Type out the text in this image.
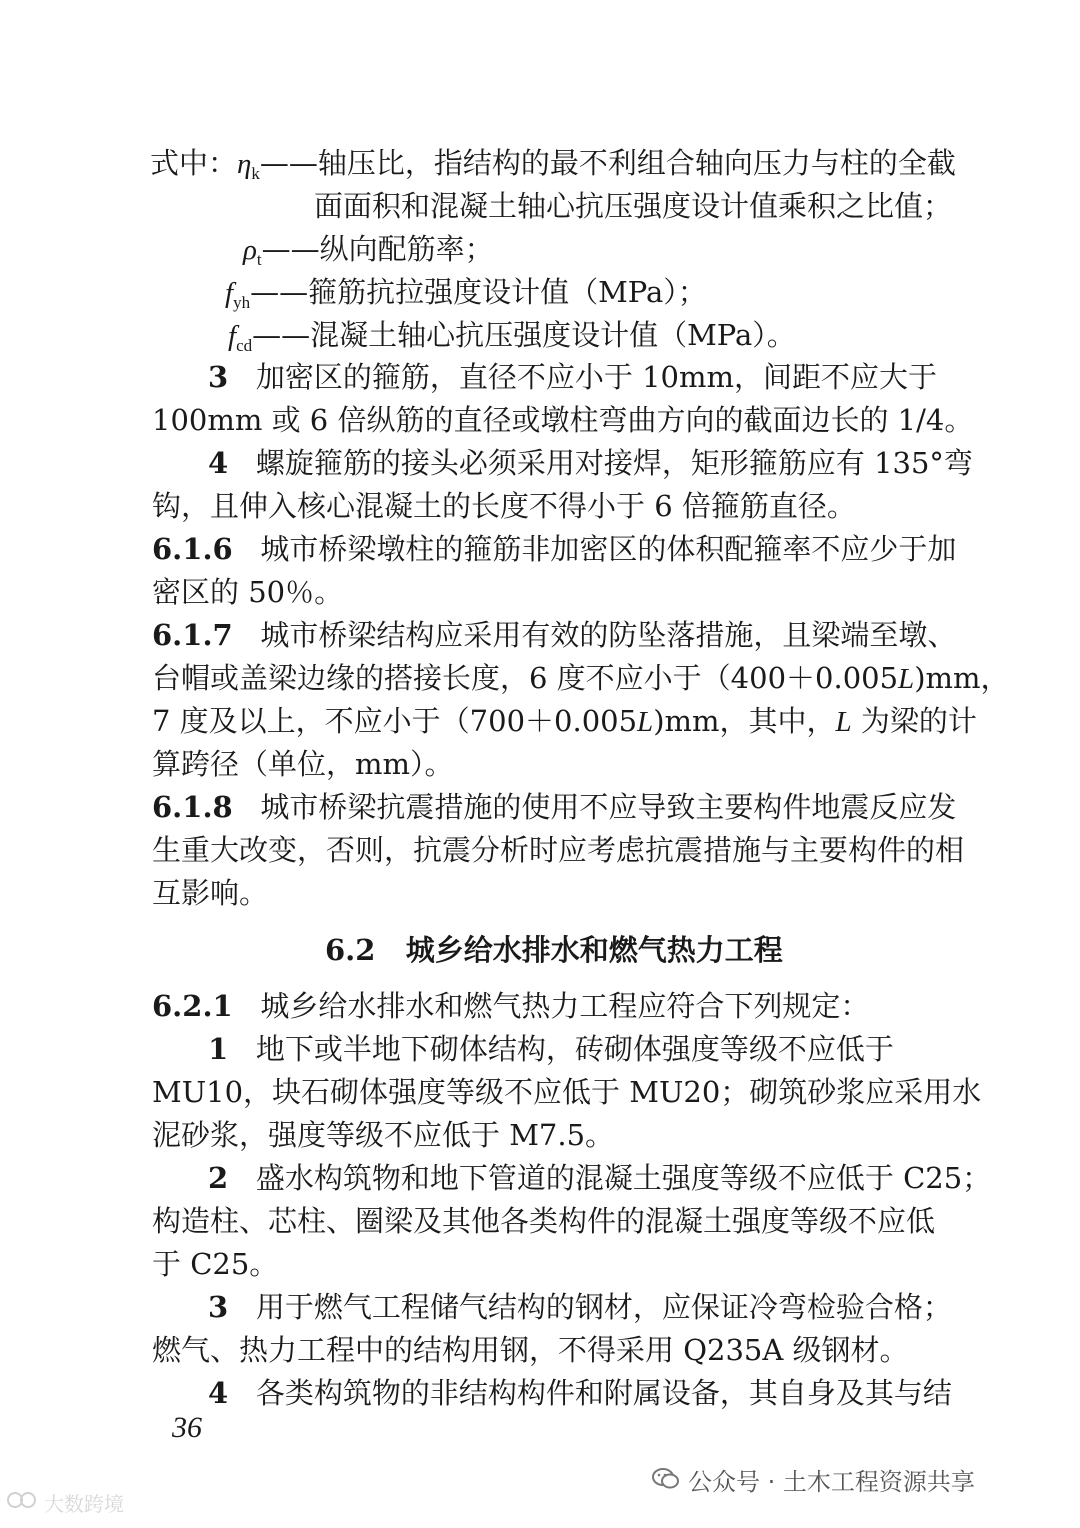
式中：$\eta_k——$轴压比，指结构的最不利组合轴向压力与柱的全截
面面积和混凝土轴心抗压强度设计值乘积之比值；
$\rho_t——$纵向配筋率；
$f_{yh}——$箍筋抗拉强度设计值（MPa）；
$f_{cd}——$混凝土轴心抗压强度设计值（MPa）。
3 加密区的箍筋，直径不应小于 10mm，间距不应大于
100mm 或 6 倍纵筋的直径或墩柱弯曲方向的截面边长的 1/4。
4 螺旋箍筋的接头必须采用对接焊，矩形箍筋应有 135°弯
钩，且伸入核心混凝土的长度不得小于 6 倍箍筋直径。
6.1.6 城市桥梁墩柱的箍筋非加密区的体积配箍率不应少于加
密区的 50％。
6.1.7 城市桥梁结构应采用有效的防坠落措施，且梁端至墩、
台帽或盖梁边缘的搭接长度，6 度不应小于（400＋0.005L)mm，
7 度及以上，不应小于（700＋0.005L)mm，其中，L 为梁的计
算跨径（单位，mm）。
6.1.8 城市桥梁抗震措施的使用不应导致主要构件地震反应发
生重大改变，否则，抗震分析时应考虑抗震措施与主要构件的相
互影响。
6.2 城乡给水排水和燃气热力工程
6.2.1 城乡给水排水和燃气热力工程应符合下列规定：
1 地下或半地下砌体结构，砖砌体强度等级不应低于
MU10，块石砌体强度等级不应低于 MU20；砌筑砂浆应采用水
泥砂浆，强度等级不应低于 M7.5。
2 盛水构筑物和地下管道的混凝土强度等级不应低于 C25；
构造柱、芯柱、圈梁及其他各类构件的混凝土强度等级不应低
于 C25。
3 用于燃气工程储气结构的钢材，应保证冷弯检验合格；
燃气、热力工程中的结构用钢，不得采用 Q235A 级钢材。
4 各类构筑物的非结构构件和附属设备，其自身及其与结
36
公众号 · 土木工程资源共享
大数跨境
